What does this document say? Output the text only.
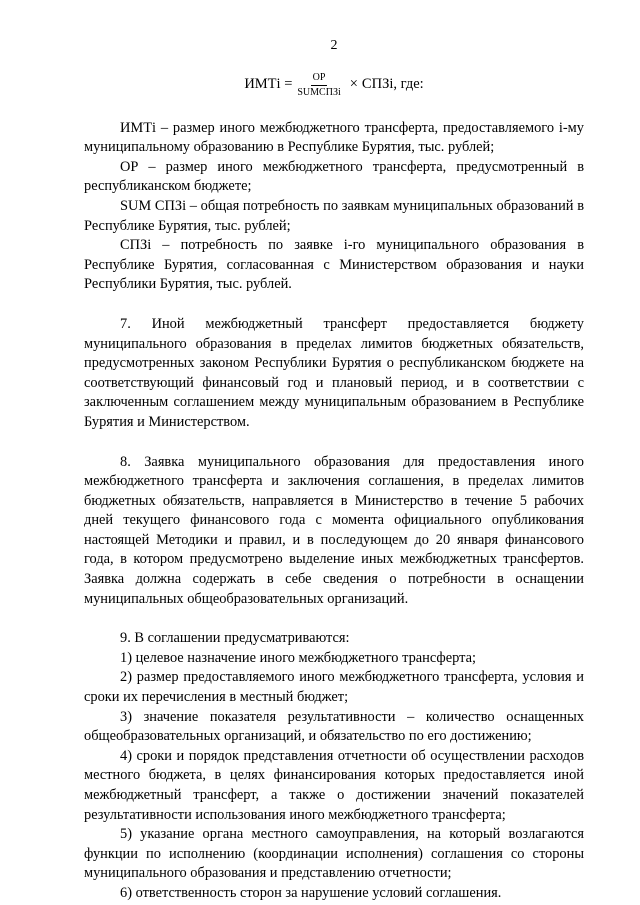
2
ИМТi = $\frac{ОР}{\text{SUMСПЗi}}$ × СПЗi, где:

ИМТi – размер иного межбюджетного трансферта, предоставляемого i-му муниципальному образованию в Республике Бурятия, тыс. рублей;

ОР – размер иного межбюджетного трансферта, предусмотренный в республиканском бюджете;

SUM СПЗi – общая потребность по заявкам муниципальных образований в Республике Бурятия, тыс. рублей;

СПЗi – потребность по заявке i-го муниципального образования в Республике Бурятия, согласованная с Министерством образования и науки Республики Бурятия, тыс. рублей.

7. Иной межбюджетный трансферт предоставляется бюджету муниципального образования в пределах лимитов бюджетных обязательств, предусмотренных законом Республики Бурятия о республиканском бюджете на соответствующий финансовый год и плановый период, и в соответствии с заключенным соглашением между муниципальным образованием в Республике Бурятия и Министерством.

8. Заявка муниципального образования для предоставления иного межбюджетного трансферта и заключения соглашения, в пределах лимитов бюджетных обязательств, направляется в Министерство в течение 5 рабочих дней текущего финансового года с момента официального опубликования настоящей Методики и правил, и в последующем до 20 января финансового года, в котором предусмотрено выделение иных межбюджетных трансфертов. Заявка должна содержать в себе сведения о потребности в оснащении муниципальных общеобразовательных организаций.

9. В соглашении предусматриваются:

1) целевое назначение иного межбюджетного трансферта;

2) размер предоставляемого иного межбюджетного трансферта, условия и сроки их перечисления в местный бюджет;

3) значение показателя результативности – количество оснащенных общеобразовательных организаций, и обязательство по его достижению;

4) сроки и порядок представления отчетности об осуществлении расходов местного бюджета, в целях финансирования которых предоставляется иной межбюджетный трансферт, а также о достижении значений показателей результативности использования иного межбюджетного трансферта;

5) указание органа местного самоуправления, на который возлагаются функции по исполнению (координации исполнения) соглашения со стороны муниципального образования и представлению отчетности;

6) ответственность сторон за нарушение условий соглашения.
